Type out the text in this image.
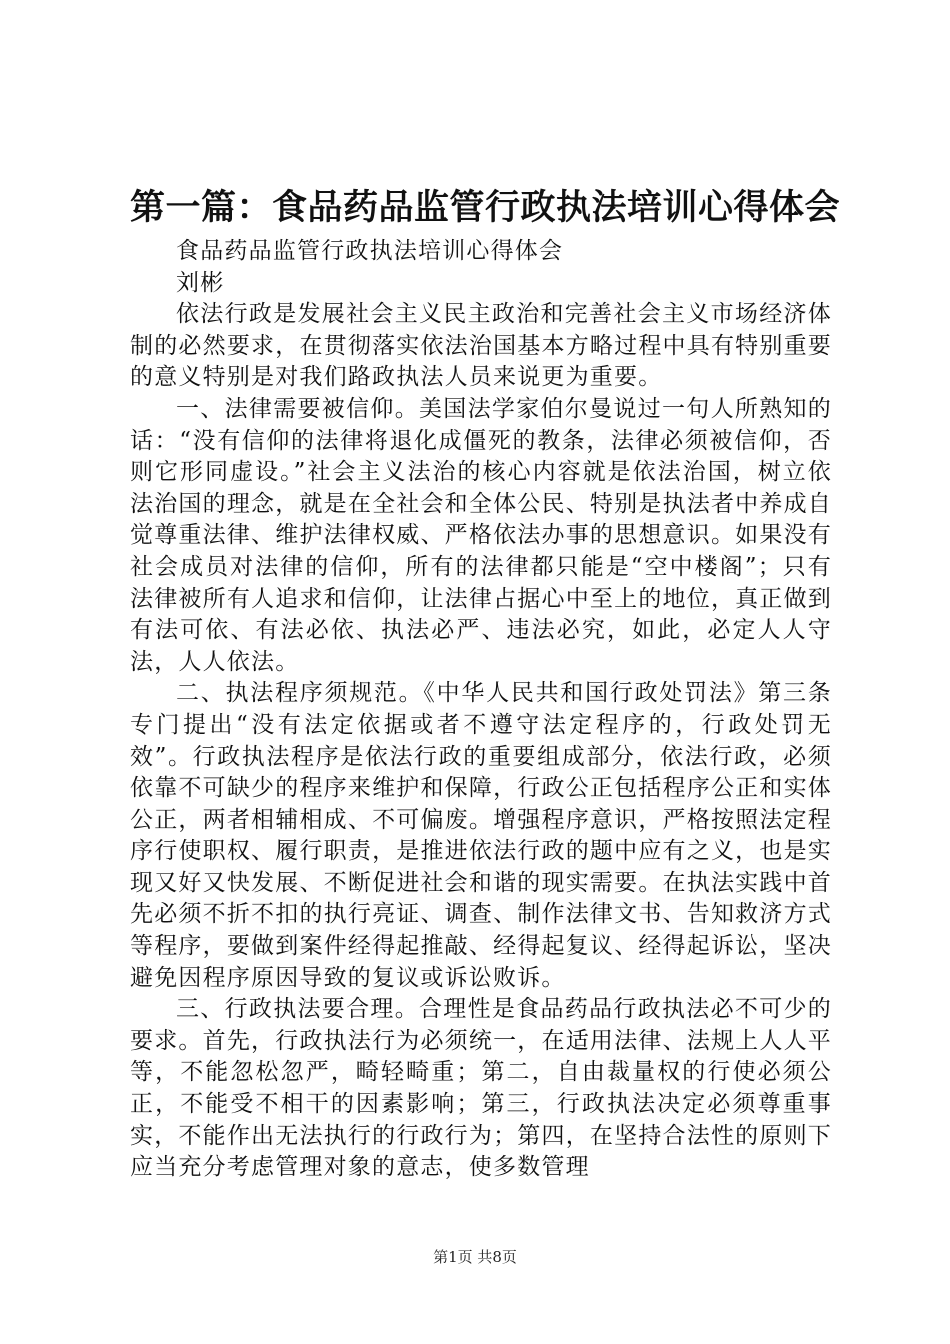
第一篇：食品药品监管行政执法培训心得体会

食品药品监管行政执法培训心得体会

刘彬

依法行政是发展社会主义民主政治和完善社会主义市场经济体制的必然要求，在贯彻落实依法治国基本方略过程中具有特别重要的意义特别是对我们路政执法人员来说更为重要。

一、法律需要被信仰。美国法学家伯尔曼说过一句人所熟知的话：“没有信仰的法律将退化成僵死的教条，法律必须被信仰，否则它形同虚设。”社会主义法治的核心内容就是依法治国，树立依法治国的理念，就是在全社会和全体公民、特别是执法者中养成自觉尊重法律、维护法律权威、严格依法办事的思想意识。如果没有社会成员对法律的信仰，所有的法律都只能是“空中楼阁”；只有法律被所有人追求和信仰，让法律占据心中至上的地位，真正做到有法可依、有法必依、执法必严、违法必究，如此，必定人人守法，人人依法。

二、执法程序须规范。《中华人民共和国行政处罚法》第三条专门提出“没有法定依据或者不遵守法定程序的，行政处罚无效”。行政执法程序是依法行政的重要组成部分，依法行政，必须依靠不可缺少的程序来维护和保障，行政公正包括程序公正和实体公正，两者相辅相成、不可偏废。增强程序意识，严格按照法定程序行使职权、履行职责，是推进依法行政的题中应有之义，也是实现又好又快发展、不断促进社会和谐的现实需要。在执法实践中首先必须不折不扣的执行亮证、调查、制作法律文书、告知救济方式等程序，要做到案件经得起推敲、经得起复议、经得起诉讼，坚决避免因程序原因导致的复议或诉讼败诉。

三、行政执法要合理。合理性是食品药品行政执法必不可少的要求。首先，行政执法行为必须统一，在适用法律、法规上人人平等，不能忽松忽严，畸轻畸重；第二，自由裁量权的行使必须公正，不能受不相干的因素影响；第三，行政执法决定必须尊重事实，不能作出无法执行的行政行为；第四，在坚持合法性的原则下应当充分考虑管理对象的意志，使多数管理

第1页 共8页
